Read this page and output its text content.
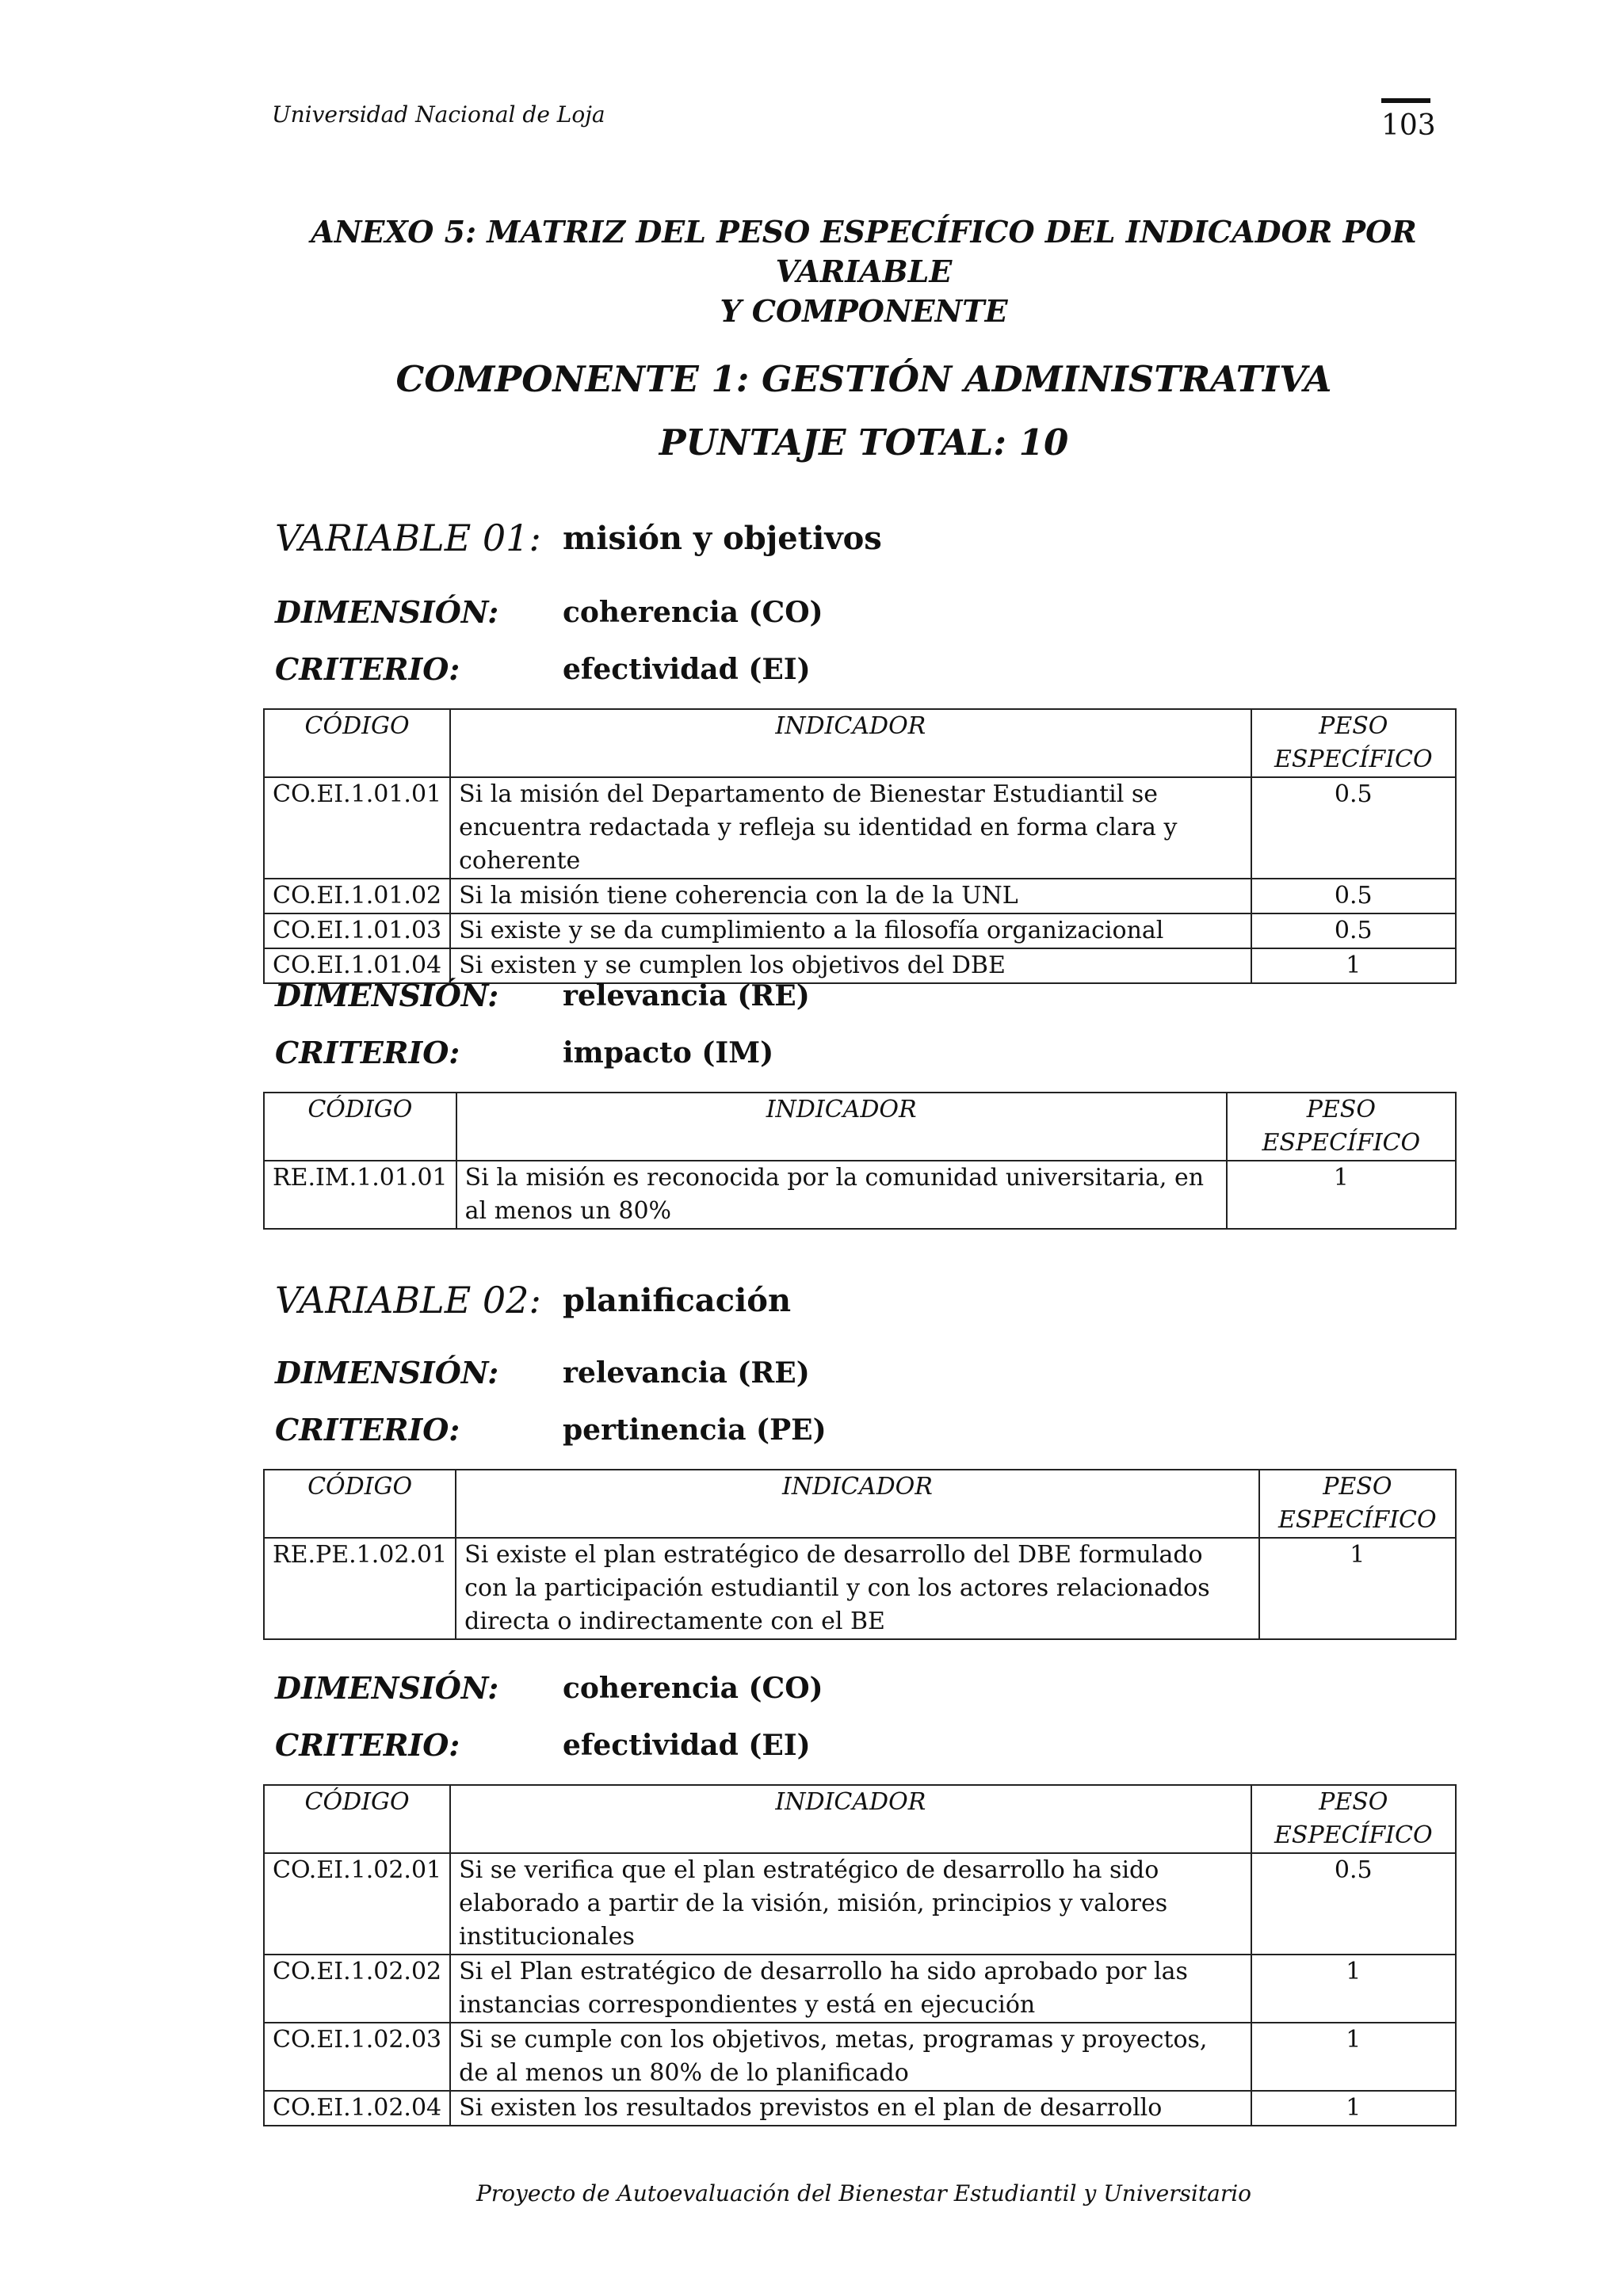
Universidad Nacional de Loja	103
ANEXO 5: MATRIZ DEL PESO ESPECÍFICO DEL INDICADOR POR VARIABLE
Y COMPONENTE
COMPONENTE 1: GESTIÓN ADMINISTRATIVA
PUNTAJE TOTAL: 10
VARIABLE 01: misión y objetivos
DIMENSIÓN: coherencia (CO)
CRITERIO:	efectividad (EI)
CÓDIGO	INDICADOR	PESO ESPECÍFICO
CO.EI.1.01.01	Si la misión del Departamento de Bienestar Estudiantil se encuentra redactada y refleja su identidad en forma clara y coherente	0.5
CO.EI.1.01.02	Si la misión tiene coherencia con la de la UNL	0.5
CO.EI.1.01.03	Si existe y se da cumplimiento a la filosofía organizacional	0.5
CO.EI.1.01.04	Si existen y se cumplen los objetivos del DBE	1
DIMENSIÓN: relevancia (RE)
CRITERIO:	impacto (IM)
CÓDIGO	INDICADOR	PESO ESPECÍFICO
RE.IM.1.01.01	Si la misión es reconocida por la comunidad universitaria, en al menos un 80%	1
VARIABLE 02: planificación
DIMENSIÓN: relevancia (RE)
CRITERIO:	pertinencia (PE)
CÓDIGO	INDICADOR	PESO ESPECÍFICO
RE.PE.1.02.01	Si existe el plan estratégico de desarrollo del DBE formulado con la participación estudiantil y con los actores relacionados directa o indirectamente con el BE	1
DIMENSIÓN: coherencia (CO)
CRITERIO:	efectividad (EI)
CÓDIGO	INDICADOR	PESO ESPECÍFICO
CO.EI.1.02.01	Si se verifica que el plan estratégico de desarrollo ha sido elaborado a partir de la visión, misión, principios y valores institucionales	0.5
CO.EI.1.02.02	Si el Plan estratégico de desarrollo ha sido aprobado por las instancias correspondientes y está en ejecución	1
CO.EI.1.02.03	Si se cumple con los objetivos, metas, programas y proyectos, de al menos un 80% de lo planificado	1
CO.EI.1.02.04	Si existen los resultados previstos en el plan de desarrollo	1
Proyecto de Autoevaluación del Bienestar Estudiantil y Universitario
